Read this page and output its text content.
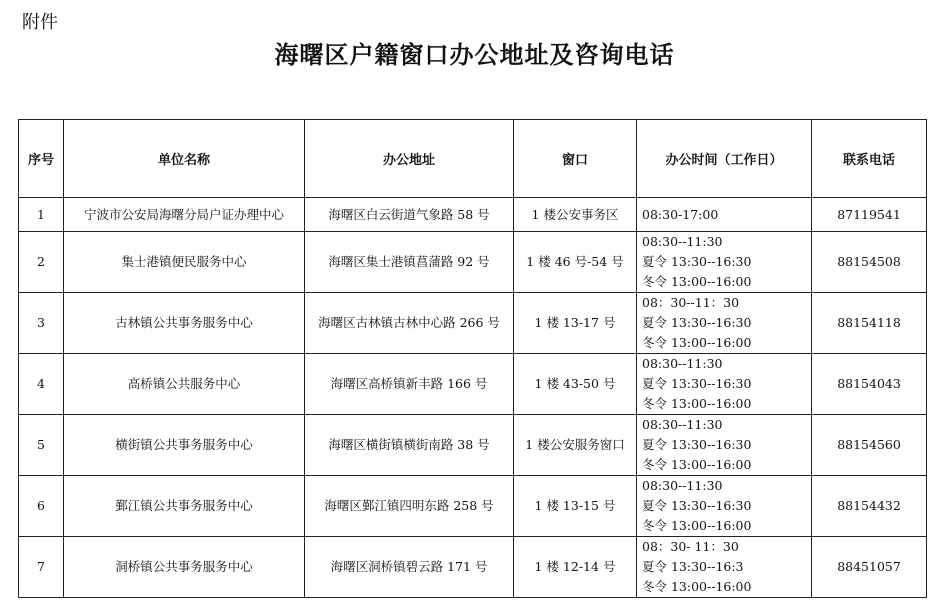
附件
海曙区户籍窗口办公地址及咨询电话
序号	单位名称	办公地址	窗口	办公时间（工作日）	联系电话
1	宁波市公安局海曙分局户证办理中心	海曙区白云街道气象路 58 号	1 楼公安事务区	08:30-17:00	87119541
2	集士港镇便民服务中心	海曙区集士港镇菖蒲路 92 号	1 楼 46 号-54 号	08:30--11:30
夏令 13:30--16:30
冬令 13:00--16:00	88154508
3	古林镇公共事务服务中心	海曙区古林镇古林中心路 266 号	1 楼 13-17 号	08：30--11：30
夏令 13:30--16:30
冬令 13:00--16:00	88154118
4	高桥镇公共服务中心	海曙区高桥镇新丰路 166 号	1 楼 43-50 号	08:30--11:30
夏令 13:30--16:30
冬令 13:00--16:00	88154043
5	横街镇公共事务服务中心	海曙区横街镇横街南路 38 号	1 楼公安服务窗口	08:30--11:30
夏令 13:30--16:30
冬令 13:00--16:00	88154560
6	鄞江镇公共事务服务中心	海曙区鄞江镇四明东路 258 号	1 楼 13-15 号	08:30--11:30
夏令 13:30--16:30
冬令 13:00--16:00	88154432
7	洞桥镇公共事务服务中心	海曙区洞桥镇碧云路 171 号	1 楼 12-14 号	08：30- 11：30
夏令 13:30--16:3
冬令 13:00--16:00	88451057
